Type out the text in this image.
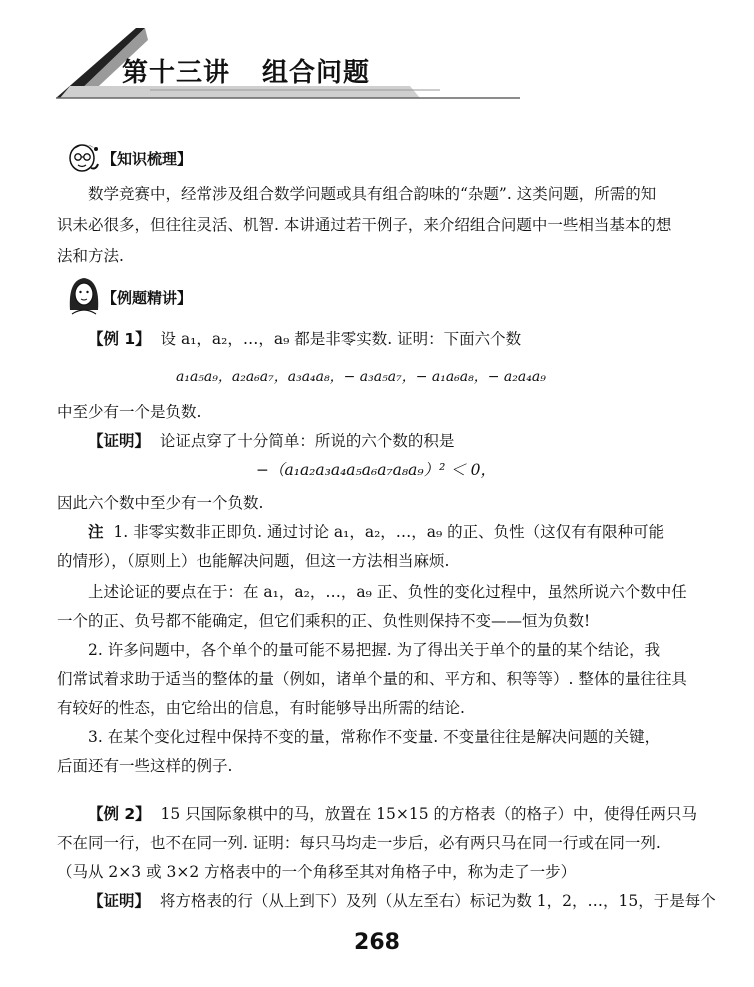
第十三讲 组合问题
【知识梳理】
数学竞赛中，经常涉及组合数学问题或具有组合韵味的“杂题”. 这类问题，所需的知
识未必很多，但往往灵活、机智. 本讲通过若干例子，来介绍组合问题中一些相当基本的想
法和方法.
【例题精讲】
【例 1】 设 a₁，a₂，…，a₉ 都是非零实数. 证明：下面六个数
a₁a₅a₉，a₂a₆a₇，a₃a₄a₈，− a₃a₅a₇，− a₁a₆a₈，− a₂a₄a₉
中至少有一个是负数.
【证明】 论证点穿了十分简单：所说的六个数的积是
−（a₁a₂a₃a₄a₅a₆a₇a₈a₉）² ＜ 0，
因此六个数中至少有一个负数.
注 1. 非零实数非正即负. 通过讨论 a₁，a₂，…，a₉ 的正、负性（这仅有有限种可能
的情形），（原则上）也能解决问题，但这一方法相当麻烦.
上述论证的要点在于：在 a₁，a₂，…，a₉ 正、负性的变化过程中，虽然所说六个数中任
一个的正、负号都不能确定，但它们乘积的正、负性则保持不变——恒为负数!
2. 许多问题中，各个单个的量可能不易把握. 为了得出关于单个的量的某个结论，我
们常试着求助于适当的整体的量（例如，诸单个量的和、平方和、积等等）. 整体的量往往具
有较好的性态，由它给出的信息，有时能够导出所需的结论.
3. 在某个变化过程中保持不变的量，常称作不变量. 不变量往往是解决问题的关键，
后面还有一些这样的例子.
【例 2】 15 只国际象棋中的马，放置在 15×15 的方格表（的格子）中，使得任两只马
不在同一行，也不在同一列. 证明：每只马均走一步后，必有两只马在同一行或在同一列.
（马从 2×3 或 3×2 方格表中的一个角移至其对角格子中，称为走了一步）
【证明】 将方格表的行（从上到下）及列（从左至右）标记为数 1，2，…，15，于是每个
268
